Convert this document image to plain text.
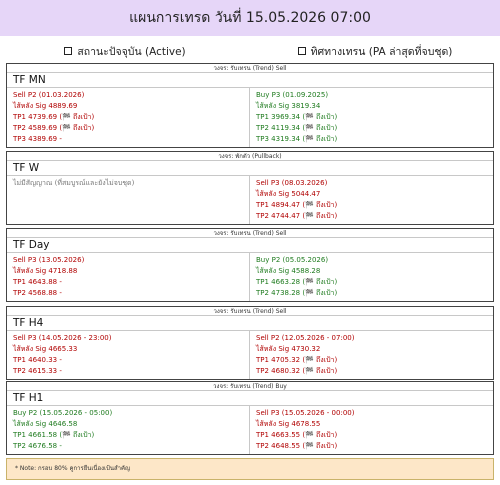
แผนการเทรด วันที่ 15.05.2026 07:00
สถานะปัจจุบัน (Active)	ทิศทางเทรน (PA ล่าสุดที่จบชุด)
วงจร: รับเทรน (Trend) Sell
TF MN
Sell P2 (01.03.2026)
ไส้หลัง Sig 4889.69
TP1 4739.69 (🏁 ถึงเป้า)
TP2 4589.69 (🏁 ถึงเป้า)
TP3 4389.69 -
Buy P3 (01.09.2025)
ไส้หลัง Sig 3819.34
TP1 3969.34 (🏁 ถึงเป้า)
TP2 4119.34 (🏁 ถึงเป้า)
TP3 4319.34 (🏁 ถึงเป้า)
วงจร: พักตัว (Pullback)
TF W
ไม่มีสัญญาณ (ที่สมบูรณ์และยังไม่จบชุด)	Sell P3 (08.03.2026)
ไส้หลัง Sig 5044.47
TP1 4894.47 (🏁 ถึงเป้า)
TP2 4744.47 (🏁 ถึงเป้า)
วงจร: รับเทรน (Trend) Sell
TF Day
Sell P3 (13.05.2026)
ไส้หลัง Sig 4718.88
TP1 4643.88 -
TP2 4568.88 -
Buy P2 (05.05.2026)
ไส้หลัง Sig 4588.28
TP1 4663.28 (🏁 ถึงเป้า)
TP2 4738.28 (🏁 ถึงเป้า)
วงจร: รับเทรน (Trend) Sell
TF H4
Sell P3 (14.05.2026 - 23:00)
ไส้หลัง Sig 4665.33
TP1 4640.33 -
TP2 4615.33 -
Sell P2 (12.05.2026 - 07:00)
ไส้หลัง Sig 4730.32
TP1 4705.32 (🏁 ถึงเป้า)
TP2 4680.32 (🏁 ถึงเป้า)
วงจร: รับเทรน (Trend) Buy
TF H1
Buy P2 (15.05.2026 - 05:00)
ไส้หลัง Sig 4646.58
TP1 4661.58 (🏁 ถึงเป้า)
TP2 4676.58 -
Sell P3 (15.05.2026 - 00:00)
ไส้หลัง Sig 4678.55
TP1 4663.55 (🏁 ถึงเป้า)
TP2 4648.55 (🏁 ถึงเป้า)
* Note: กรอบ 80% คูการยืนเนื่องเป้นสำคัญ
